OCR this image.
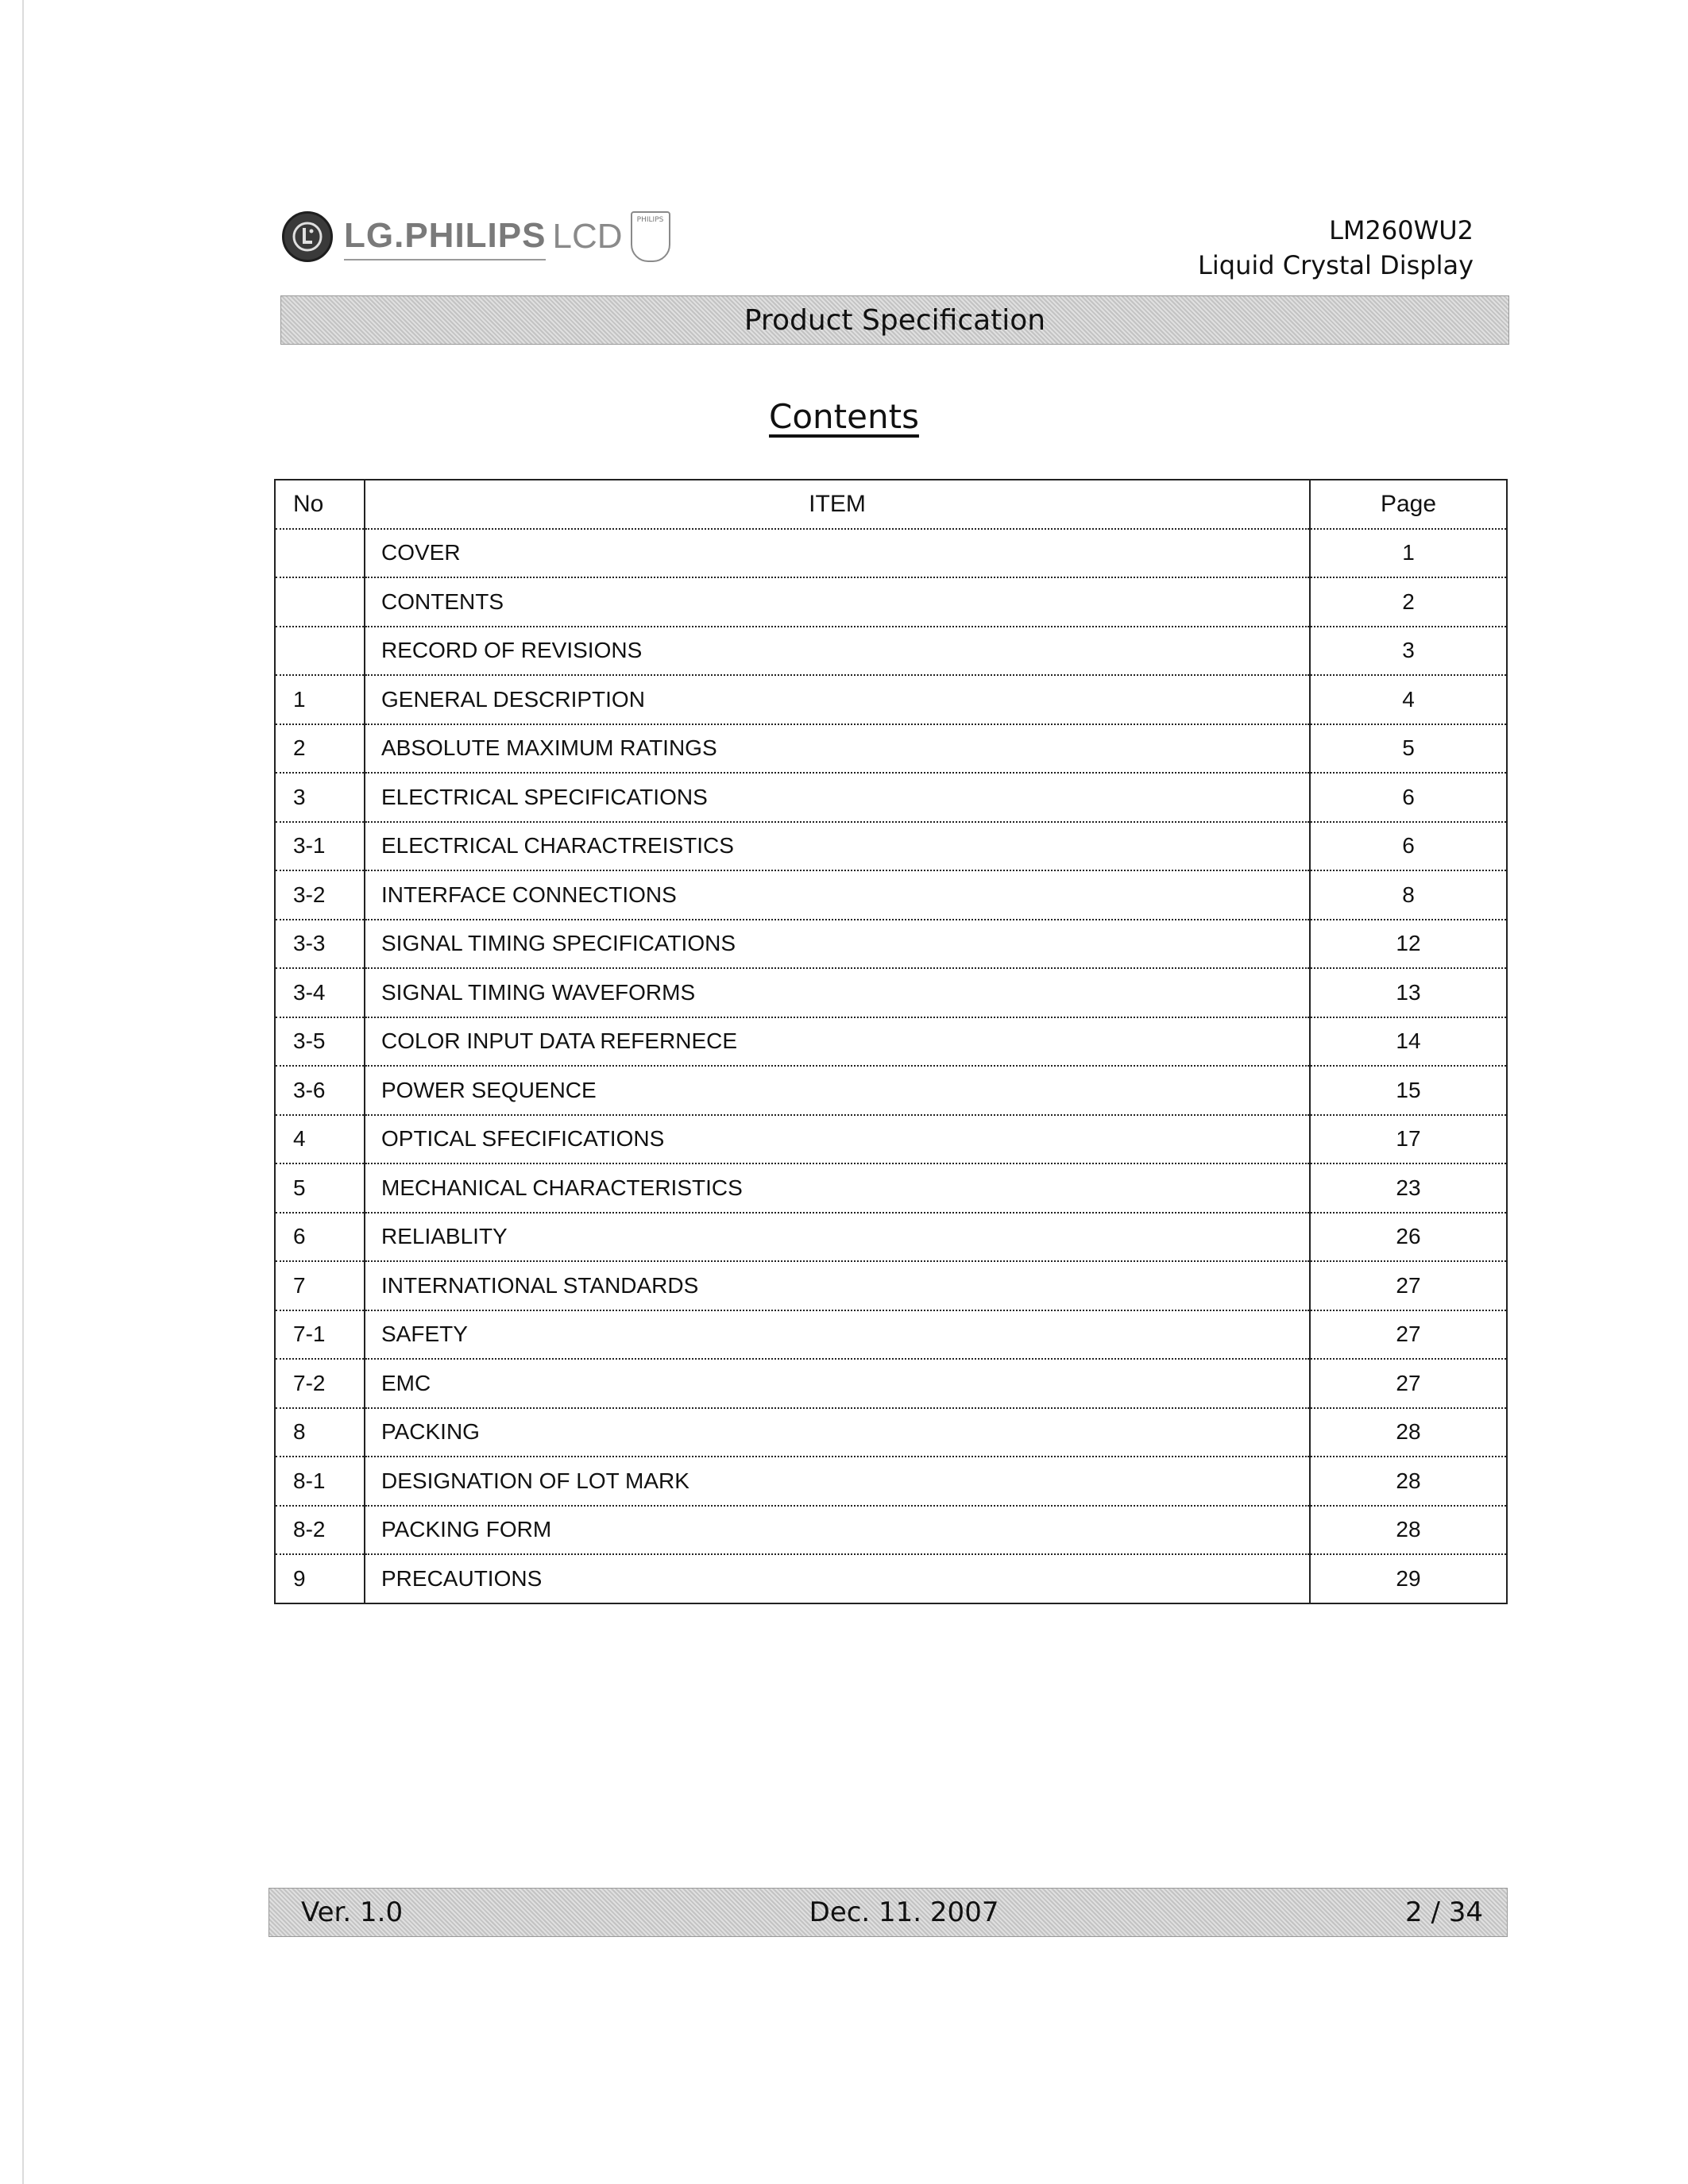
LG.PHILIPS LCD PHILIPS	LM260WU2
Liquid Crystal Display
Product Specification
Contents
No	ITEM	Page
	COVER	1
	CONTENTS	2
	RECORD OF REVISIONS	3
1	GENERAL DESCRIPTION	4
2	ABSOLUTE MAXIMUM RATINGS	5
3	ELECTRICAL SPECIFICATIONS	6
3-1	ELECTRICAL CHARACTREISTICS	6
3-2	INTERFACE CONNECTIONS	8
3-3	SIGNAL TIMING SPECIFICATIONS	12
3-4	SIGNAL TIMING WAVEFORMS	13
3-5	COLOR INPUT DATA REFERNECE	14
3-6	POWER SEQUENCE	15
4	OPTICAL SFECIFICATIONS	17
5	MECHANICAL CHARACTERISTICS	23
6	RELIABLITY	26
7	INTERNATIONAL STANDARDS	27
7-1	SAFETY	27
7-2	EMC	27
8	PACKING	28
8-1	DESIGNATION OF LOT MARK	28
8-2	PACKING FORM	28
9	PRECAUTIONS	29
Ver. 1.0	Dec. 11. 2007	2 / 34
